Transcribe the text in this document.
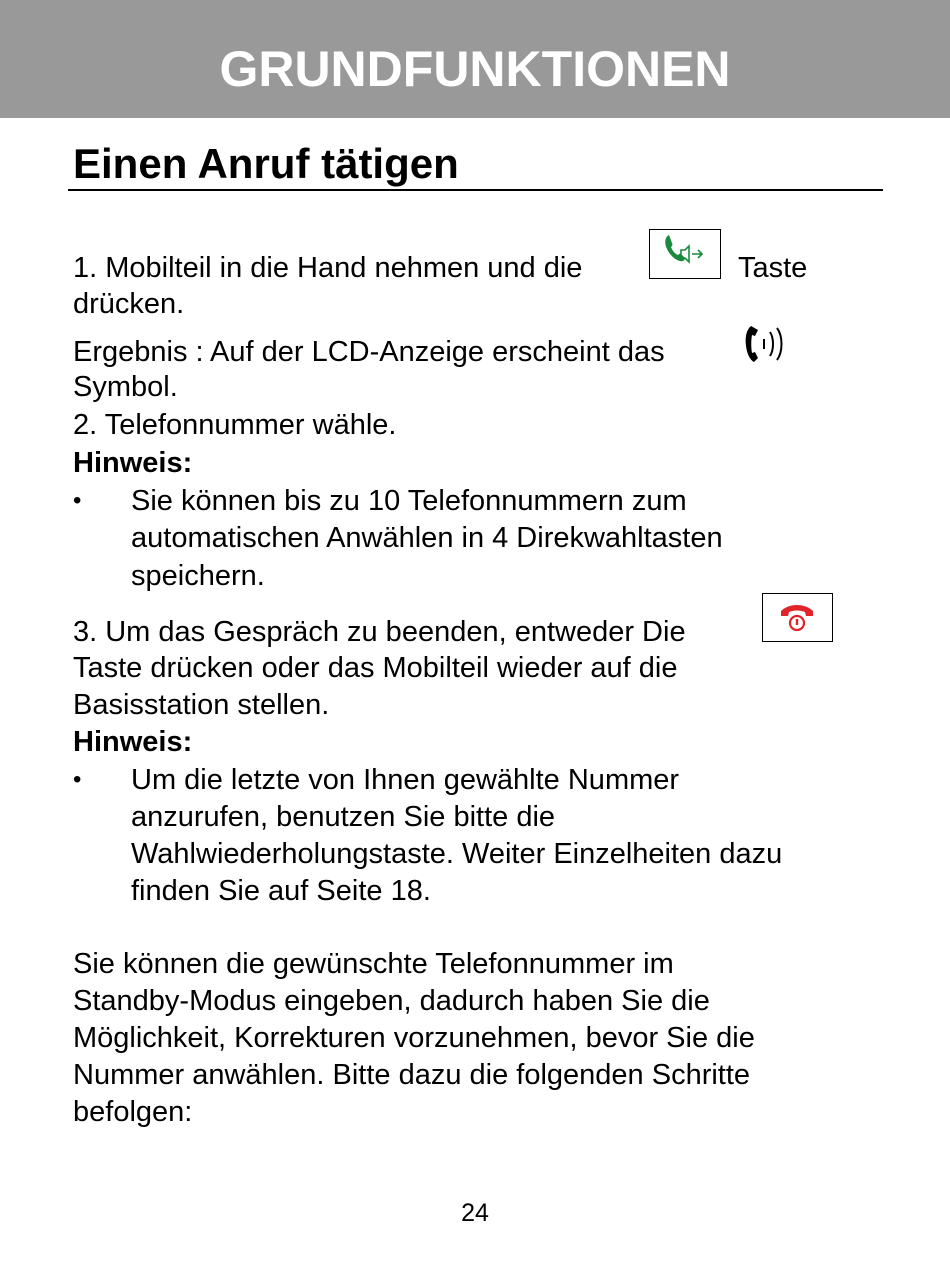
GRUNDFUNKTIONEN
Einen Anruf tätigen
1. Mobilteil in die Hand nehmen und die	Taste
drücken.
Ergebnis : Auf der LCD-Anzeige erscheint das
Symbol.
2. Telefonnummer wähle.
Hinweis:
• Sie können bis zu 10 Telefonnummern zum
automatischen Anwählen in 4 Direkwahltasten
speichern.
3. Um das Gespräch zu beenden, entweder Die
Taste drücken oder das Mobilteil wieder auf die
Basisstation stellen.
Hinweis:
• Um die letzte von Ihnen gewählte Nummer
anzurufen, benutzen Sie bitte die
Wahlwiederholungstaste. Weiter Einzelheiten dazu
finden Sie auf Seite 18.
Sie können die gewünschte Telefonnummer im
Standby-Modus eingeben, dadurch haben Sie die
Möglichkeit, Korrekturen vorzunehmen, bevor Sie die
Nummer anwählen. Bitte dazu die folgenden Schritte
befolgen:
24
